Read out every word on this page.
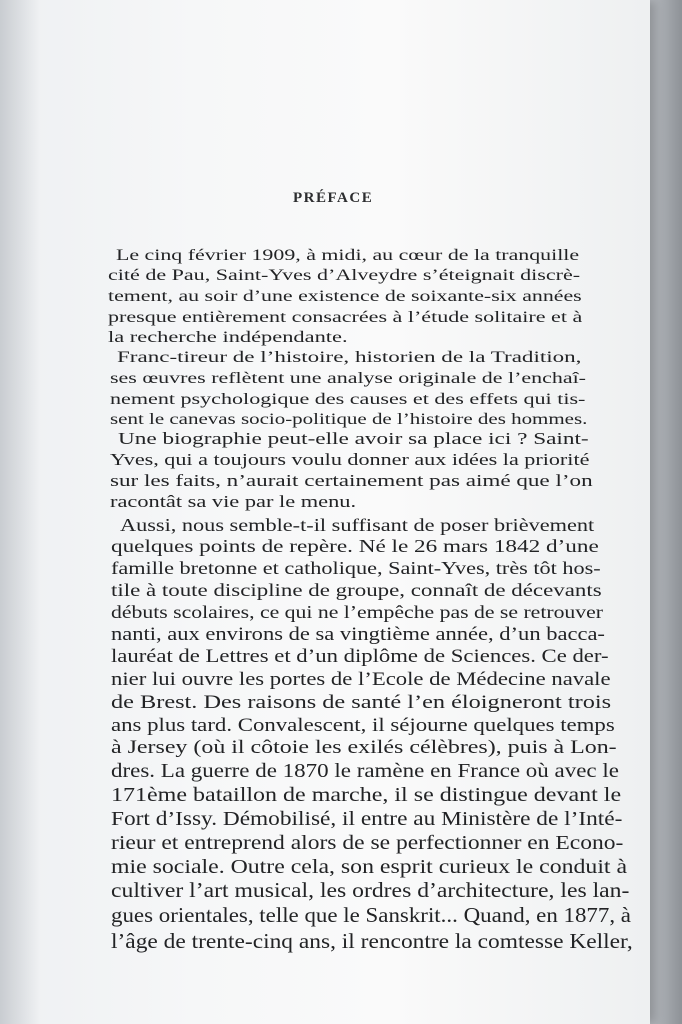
PRÉFACE
Le cinq février 1909, à midi, au cœur de la tranquille
cité de Pau, Saint-Yves d’Alveydre s’éteignait discrè-
tement, au soir d’une existence de soixante-six années
presque entièrement consacrées à l’étude solitaire et à
la recherche indépendante.
Franc-tireur de l’histoire, historien de la Tradition,
ses œuvres reflètent une analyse originale de l’enchaî-
nement psychologique des causes et des effets qui tis-
sent le canevas socio-politique de l’histoire des hommes.
Une biographie peut-elle avoir sa place ici ? Saint-
Yves, qui a toujours voulu donner aux idées la priorité
sur les faits, n’aurait certainement pas aimé que l’on
racontât sa vie par le menu.
Aussi, nous semble-t-il suffisant de poser brièvement
quelques points de repère. Né le 26 mars 1842 d’une
famille bretonne et catholique, Saint-Yves, très tôt hos-
tile à toute discipline de groupe, connaît de décevants
débuts scolaires, ce qui ne l’empêche pas de se retrouver
nanti, aux environs de sa vingtième année, d’un bacca-
lauréat de Lettres et d’un diplôme de Sciences. Ce der-
nier lui ouvre les portes de l’Ecole de Médecine navale
de Brest. Des raisons de santé l’en éloigneront trois
ans plus tard. Convalescent, il séjourne quelques temps
à Jersey (où il côtoie les exilés célèbres), puis à Lon-
dres. La guerre de 1870 le ramène en France où avec le
171ème bataillon de marche, il se distingue devant le
Fort d’Issy. Démobilisé, il entre au Ministère de l’Inté-
rieur et entreprend alors de se perfectionner en Econo-
mie sociale. Outre cela, son esprit curieux le conduit à
cultiver l’art musical, les ordres d’architecture, les lan-
gues orientales, telle que le Sanskrit... Quand, en 1877, à
l’âge de trente-cinq ans, il rencontre la comtesse Keller,
